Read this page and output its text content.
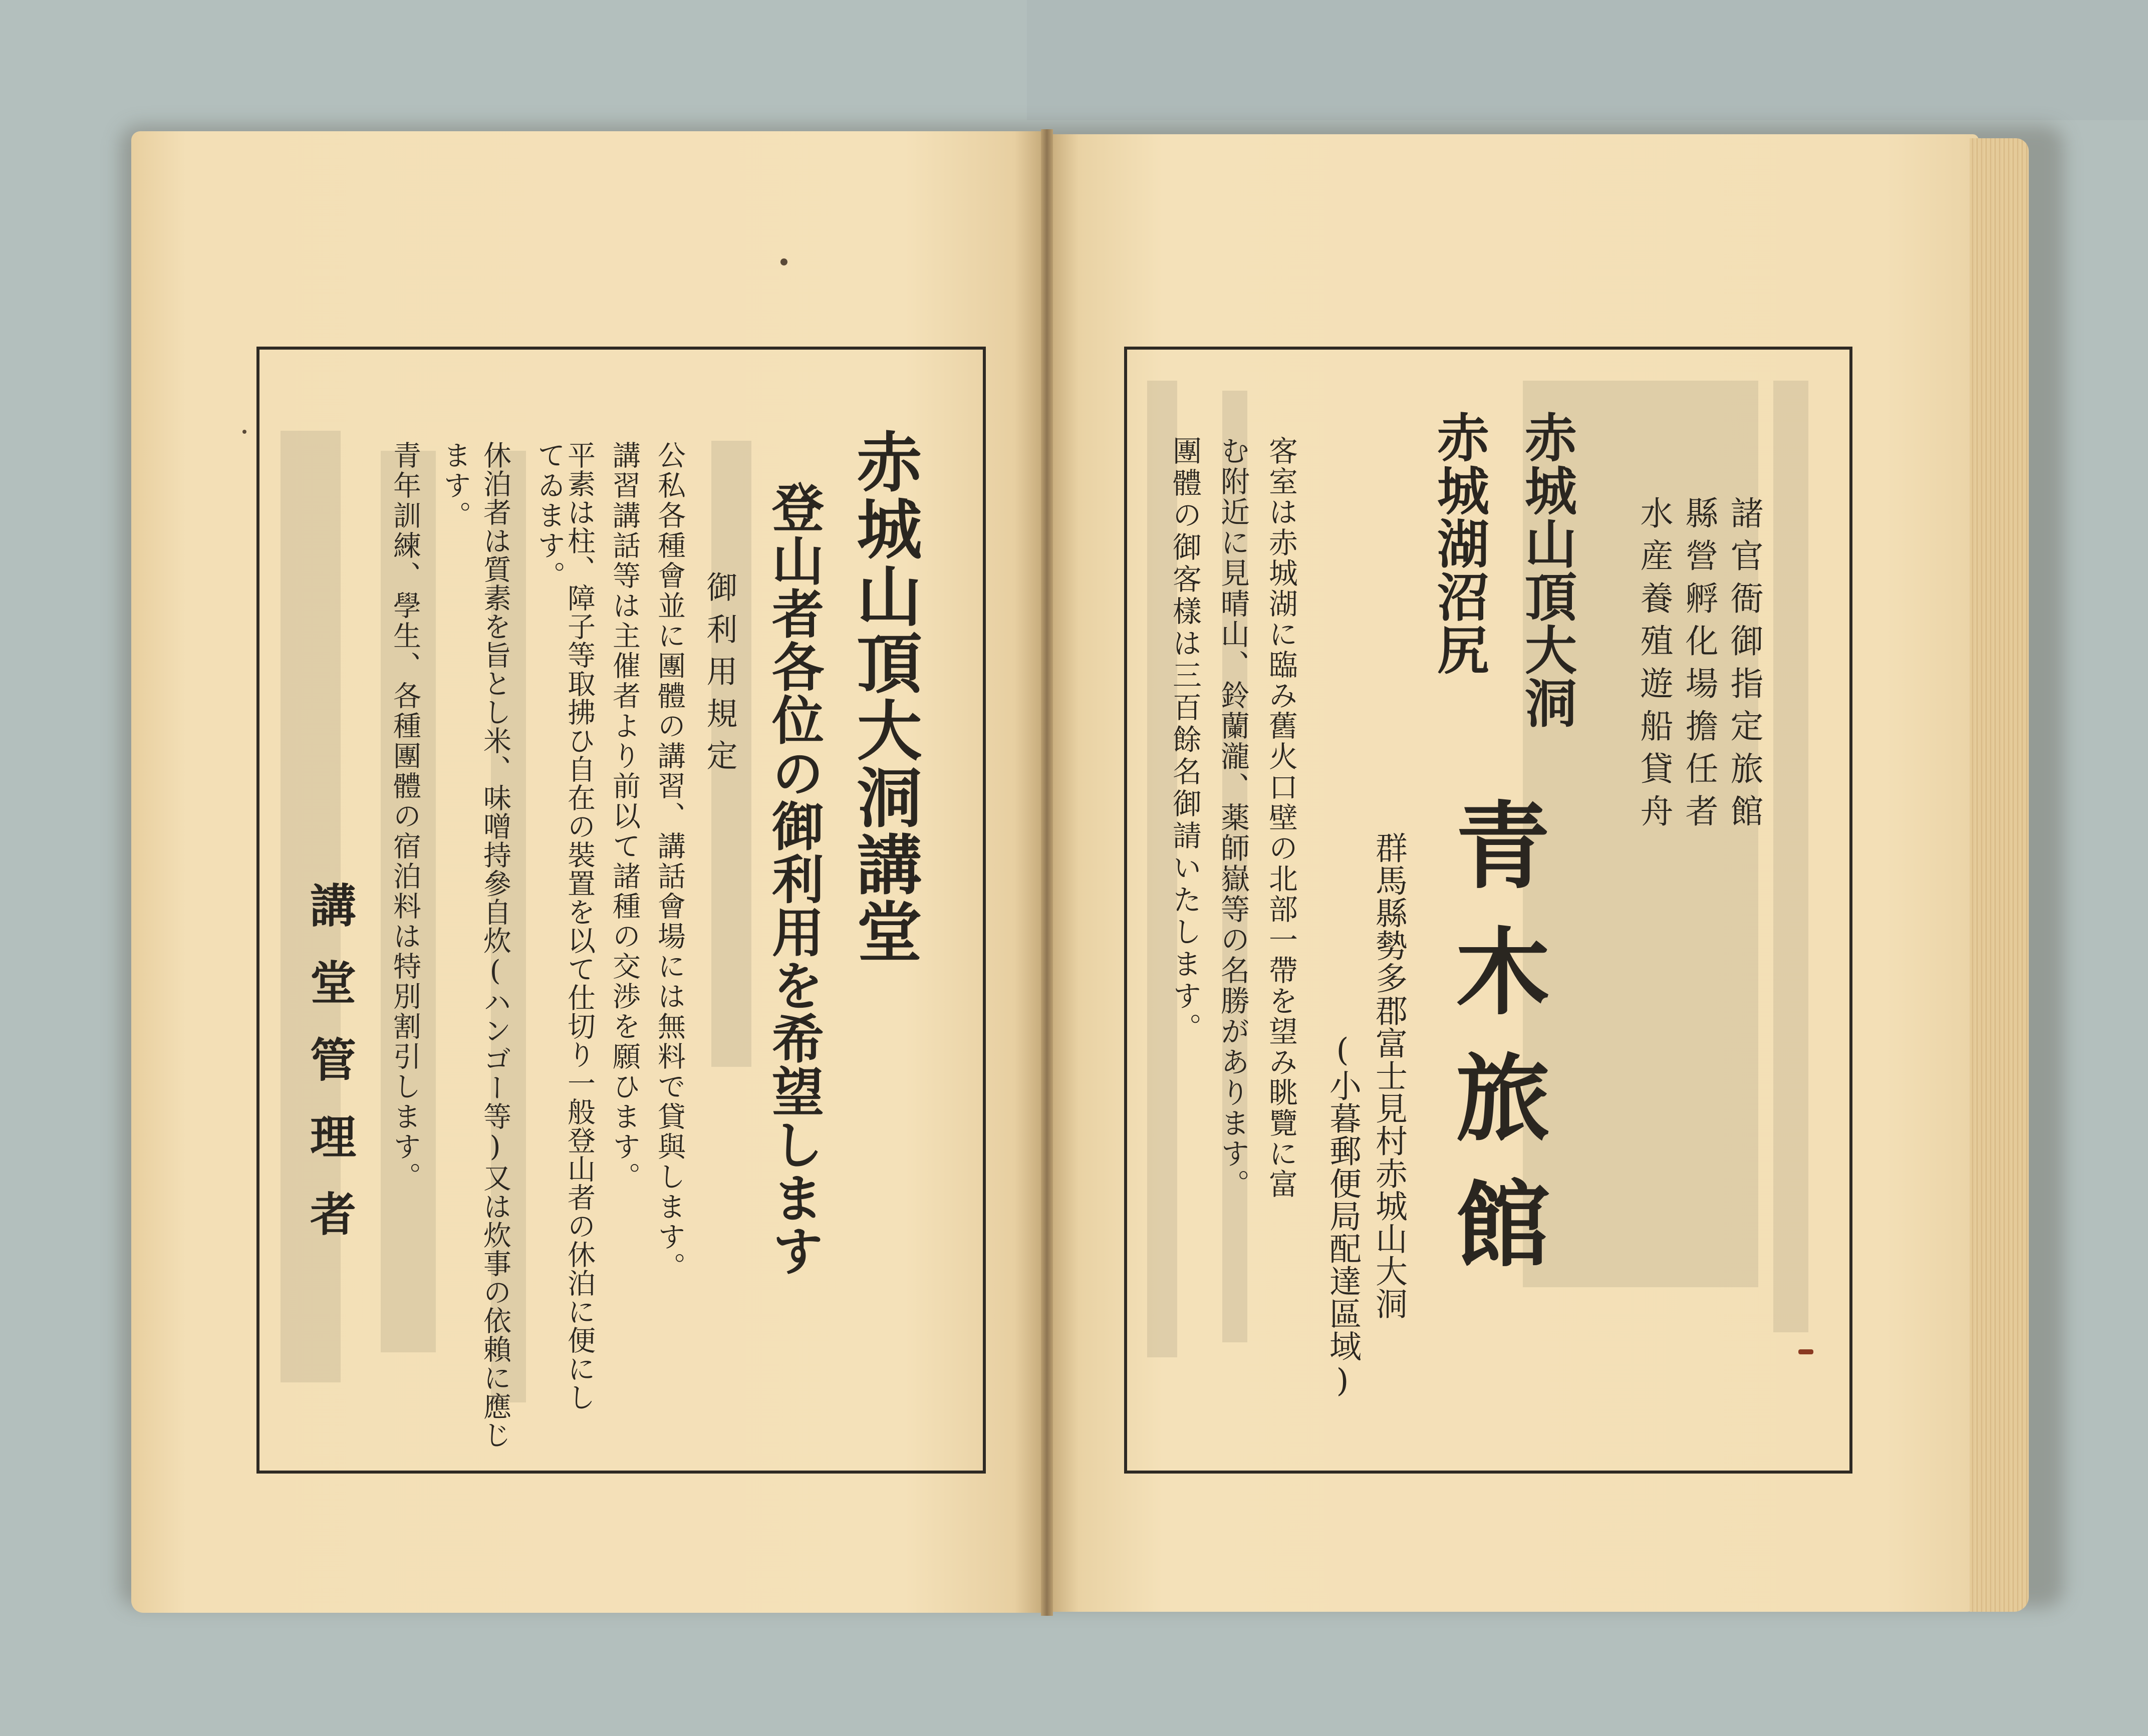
赤城山頂大洞講堂
登山者各位の御利用を希望します
御利用規定
公私各種會並に團體の講習、講話會場には無料で貸與します。
講習講話等は主催者より前以て諸種の交渉を願ひます。
平素は柱、障子等取拂ひ自在の裝置を以て仕切り一般登山者の休泊に便にし
てゐます。
休泊者は質素を旨とし米、味噌持參自炊(ハンゴー等)又は炊事の依賴に應じ
ます。
青年訓練、學生、各種團體の宿泊料は特別割引します。
講堂管理者
諸官衙御指定旅館
縣營孵化場擔任者
水産養殖遊船貸舟
赤城山頂大洞
赤城湖沼尻
青木旅館
群馬縣勢多郡富士見村赤城山大洞
(小暮郵便局配達區域)
客室は赤城湖に臨み舊火口壁の北部一帶を望み眺覽に富
む附近に見晴山、鈴蘭瀧、薬師嶽等の名勝があります。
團體の御客樣は三百餘名御請いたします。
